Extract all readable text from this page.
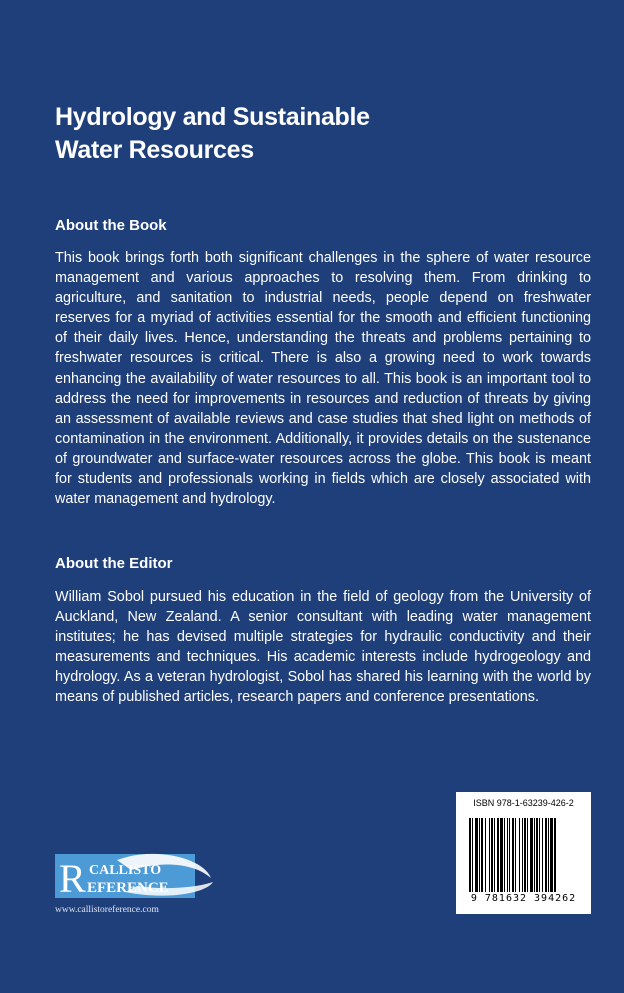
Hydrology and Sustainable
Water Resources
About the Book
This book brings forth both significant challenges in the sphere of water resource management and various approaches to resolving them. From drinking to agriculture, and sanitation to industrial needs, people depend on freshwater reserves for a myriad of activities essential for the smooth and efficient functioning of their daily lives. Hence, understanding the threats and problems pertaining to freshwater resources is critical. There is also a growing need to work towards enhancing the availability of water resources to all. This book is an important tool to address the need for improvements in resources and reduction of threats by giving an assessment of available reviews and case studies that shed light on methods of contamination in the environment. Additionally, it provides details on the sustenance of groundwater and surface-water resources across the globe. This book is meant for students and professionals working in fields which are closely associated with water management and hydrology.
About the Editor
William Sobol pursued his education in the field of geology from the University of Auckland, New Zealand. A senior consultant with leading water management institutes; he has devised multiple strategies for hydraulic conductivity and their measurements and techniques. His academic interests include hydrogeology and hydrology. As a veteran hydrologist, Sobol has shared his learning with the world by means of published articles, research papers and conference presentations.
ISBN 978-1-63239-426-2
9 781632 394262
R CALLISTO
EFERENCE
www.callistoreference.com
